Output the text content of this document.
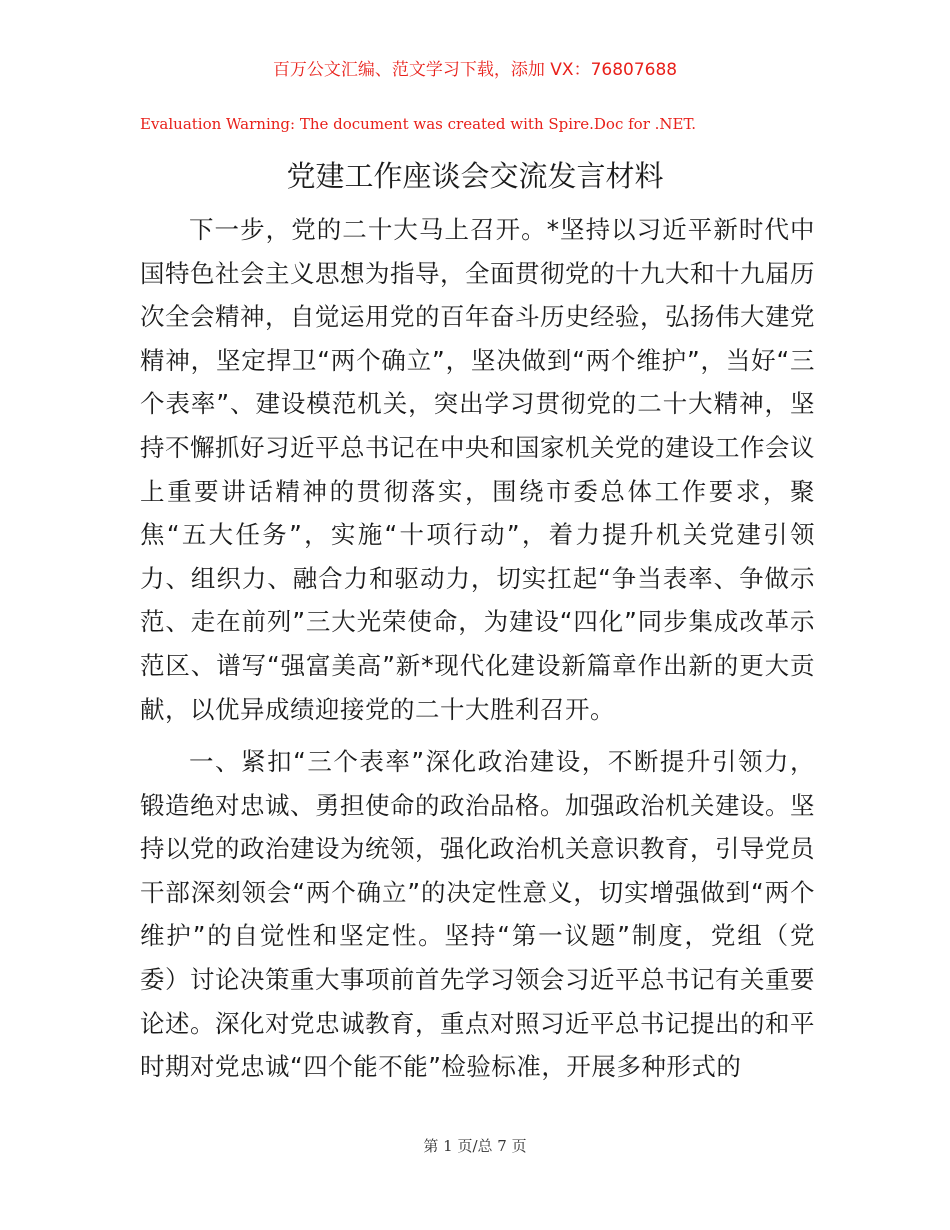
百万公文汇编、范文学习下载，添加 VX：76807688
Evaluation Warning: The document was created with Spire.Doc for .NET.
党建工作座谈会交流发言材料

下一步，党的二十大马上召开。*坚持以习近平新时代中国特色社会主义思想为指导，全面贯彻党的十九大和十九届历次全会精神，自觉运用党的百年奋斗历史经验，弘扬伟大建党精神，坚定捍卫“两个确立”，坚决做到“两个维护”，当好“三个表率”、建设模范机关，突出学习贯彻党的二十大精神，坚持不懈抓好习近平总书记在中央和国家机关党的建设工作会议上重要讲话精神的贯彻落实，围绕市委总体工作要求，聚焦“五大任务”，实施“十项行动”，着力提升机关党建引领力、组织力、融合力和驱动力，切实扛起“争当表率、争做示范、走在前列”三大光荣使命，为建设“四化”同步集成改革示范区、谱写“强富美高”新*现代化建设新篇章作出新的更大贡献，以优异成绩迎接党的二十大胜利召开。

一、紧扣“三个表率”深化政治建设，不断提升引领力，锻造绝对忠诚、勇担使命的政治品格。加强政治机关建设。坚持以党的政治建设为统领，强化政治机关意识教育，引导党员干部深刻领会“两个确立”的决定性意义，切实增强做到“两个维护”的自觉性和坚定性。坚持“第一议题”制度，党组（党委）讨论决策重大事项前首先学习领会习近平总书记有关重要论述。深化对党忠诚教育，重点对照习近平总书记提出的和平时期对党忠诚“四个能不能”检验标准，开展多种形式的

第 1 页/总 7 页
